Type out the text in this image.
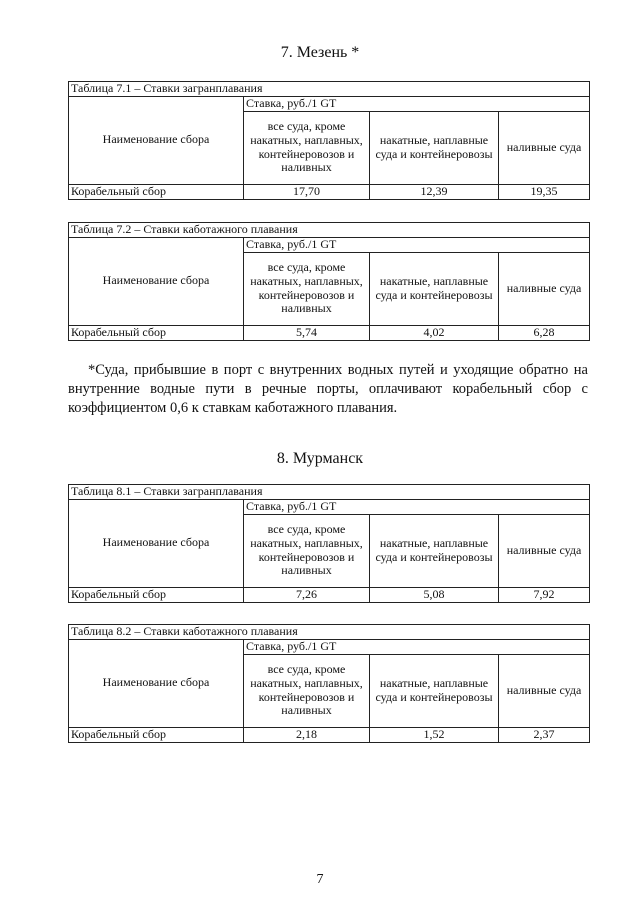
7. Мезень *
Таблица 7.1 – Ставки загранплавания			
Наименование сбора	Ставка, руб./1 GT		
	все суда, кроме накатных, наплавных, контейнеровозов и наливных	накатные, наплавные суда и контейнеровозы	наливные суда
Корабельный сбор	17,70	12,39	19,35
Таблица 7.2 – Ставки каботажного плавания			
Наименование сбора	Ставка, руб./1 GT		
	все суда, кроме накатных, наплавных, контейнеровозов и наливных	накатные, наплавные суда и контейнеровозы	наливные суда
Корабельный сбор	5,74	4,02	6,28
*Суда, прибывшие в порт с внутренних водных путей и уходящие обратно на внутренние водные пути в речные порты, оплачивают корабельный сбор с коэффициентом 0,6 к ставкам каботажного плавания.
8. Мурманск
Таблица 8.1 – Ставки загранплавания			
Наименование сбора	Ставка, руб./1 GT		
	все суда, кроме накатных, наплавных, контейнеровозов и наливных	накатные, наплавные суда и контейнеровозы	наливные суда
Корабельный сбор	7,26	5,08	7,92
Таблица 8.2 – Ставки каботажного плавания			
Наименование сбора	Ставка, руб./1 GT		
	все суда, кроме накатных, наплавных, контейнеровозов и наливных	накатные, наплавные суда и контейнеровозы	наливные суда
Корабельный сбор	2,18	1,52	2,37
7
